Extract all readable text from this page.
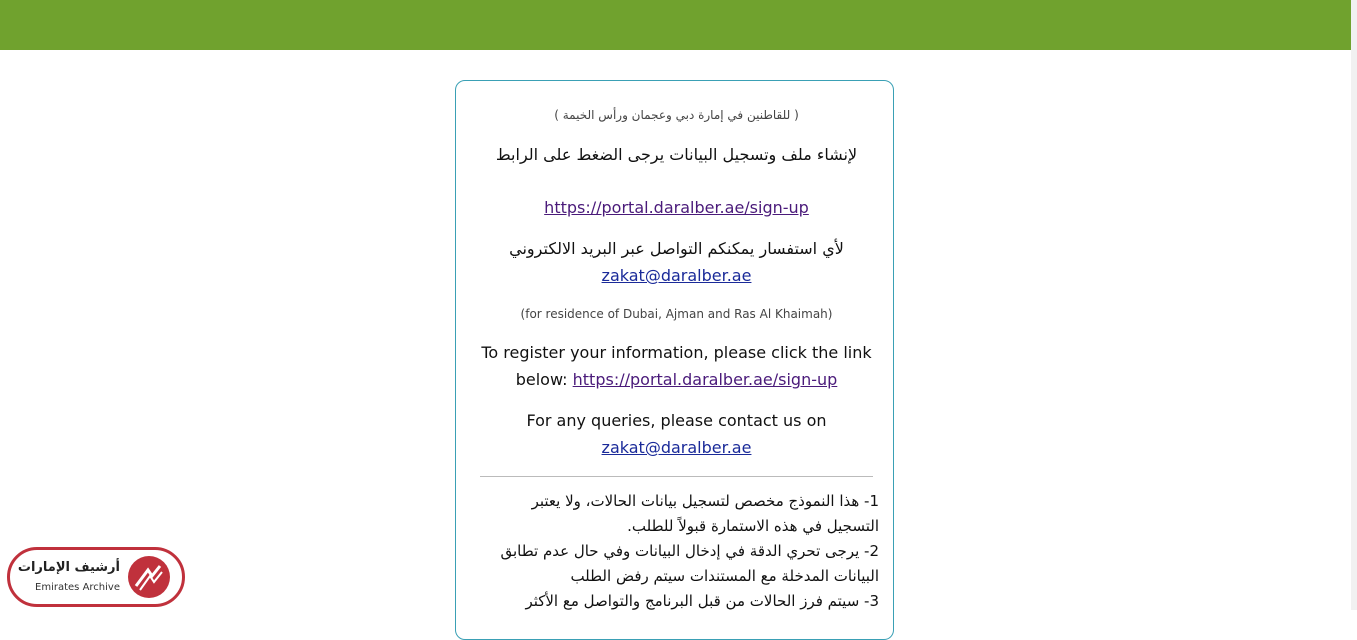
( للقاطنين في إمارة دبي وعجمان ورأس الخيمة )
لإنشاء ملف وتسجيل البيانات يرجى الضغط على الرابط
https://portal.daralber.ae/sign-up
لأي استفسار يمكنكم التواصل عبر البريد الالكتروني
zakat@daralber.ae
(for residence of Dubai, Ajman and Ras Al Khaimah)
To register your information, please click the link below: https://portal.daralber.ae/sign-up
For any queries, please contact us on
zakat@daralber.ae
1- هذا النموذج مخصص لتسجيل بيانات الحالات، ولا يعتبر التسجيل في هذه الاستمارة قبولاً للطلب.
2- يرجى تحري الدقة في إدخال البيانات وفي حال عدم تطابق البيانات المدخلة مع المستندات سيتم رفض الطلب
3- سيتم فرز الحالات من قبل البرنامج والتواصل مع الأكثر
أرشيف الإمارات
Emirates Archive
